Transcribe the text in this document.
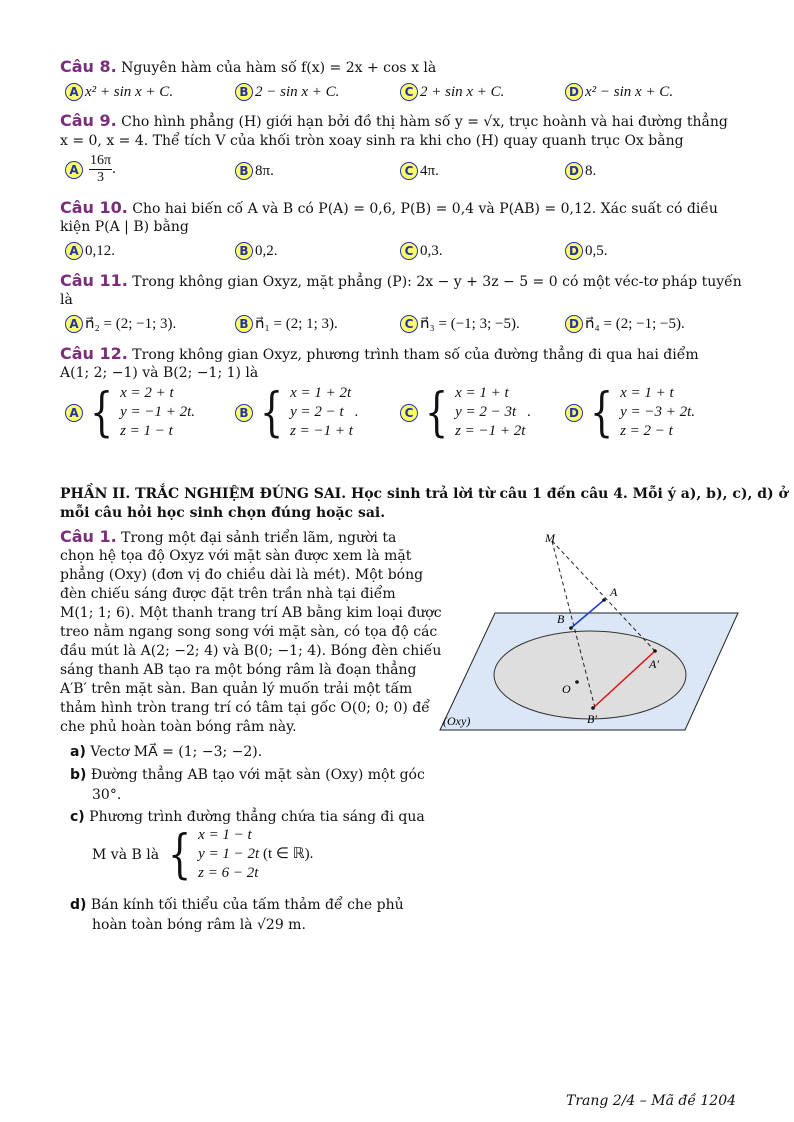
Câu 8. Nguyên hàm của hàm số f(x) = 2x + cos x là
A x² + sin x + C.	B 2 − sin x + C.	C 2 + sin x + C.	D x² − sin x + C.
Câu 9. Cho hình phẳng (H) giới hạn bởi đồ thị hàm số y = √x, trục hoành và hai đường thẳng
x = 0, x = 4. Thể tích V của khối tròn xoay sinh ra khi cho (H) quay quanh trục Ox bằng
A $\frac{16\pi}{3}$ .	B 8π.	C 4π.	D 8.
Câu 10. Cho hai biến cố A và B có P(A) = 0,6, P(B) = 0,4 và P(AB) = 0,12. Xác suất có điều
kiện P(A | B) bằng
A 0,12.	B 0,2.	C 0,3.	D 0,5.
Câu 11. Trong không gian Oxyz, mặt phẳng (P): 2x − y + 3z − 5 = 0 có một véc-tơ pháp tuyến
là
A n⃗₂ = (2; −1; 3).	B n⃗₁ = (2; 1; 3).	C n⃗₃ = (−1; 3; −5).	D n⃗₄ = (2; −1; −5).
Câu 12. Trong không gian Oxyz, phương trình tham số của đường thẳng đi qua hai điểm
A(1; 2; −1) và B(2; −1; 1) là
A { x = 2 + t
y = −1 + 2t.
z = 1 − t
B { x = 1 + 2t
y = 2 − t .
z = −1 + t
C { x = 1 + t
y = 2 − 3t .
z = −1 + 2t
D { x = 1 + t
y = −3 + 2t.
z = 2 − t
PHẦN II. TRẮC NGHIỆM ĐÚNG SAI. Học sinh trả lời từ câu 1 đến câu 4. Mỗi ý a), b), c), d) ở
mỗi câu hỏi học sinh chọn đúng hoặc sai.
Câu 1. Trong một đại sảnh triển lãm, người ta
chọn hệ tọa độ Oxyz với mặt sàn được xem là mặt
phẳng (Oxy) (đơn vị đo chiều dài là mét). Một bóng
đèn chiếu sáng được đặt trên trần nhà tại điểm
M(1; 1; 6). Một thanh trang trí AB bằng kim loại được
treo nằm ngang song song với mặt sàn, có tọa độ các
đầu mút là A(2; −2; 4) và B(0; −1; 4). Bóng đèn chiếu
sáng thanh AB tạo ra một bóng râm là đoạn thẳng
A′B′ trên mặt sàn. Ban quản lý muốn trải một tấm
thảm hình tròn trang trí có tâm tại gốc O(0; 0; 0) để
che phủ hoàn toàn bóng râm này.
a) Vectơ MA⃗ = (1; −3; −2).
b) Đường thẳng AB tạo với mặt sàn (Oxy) một góc
30°.
c) Phương trình đường thẳng chứa tia sáng đi qua
M và B là { x = 1 − t
y = 1 − 2t (t ∈ ℝ).
z = 6 − 2t
d) Bán kính tối thiểu của tấm thảm để che phủ
hoàn toàn bóng râm là √29 m.
M
A
B
O
A′
B′
(Oxy)
Trang 2/4 – Mã đề 1204
